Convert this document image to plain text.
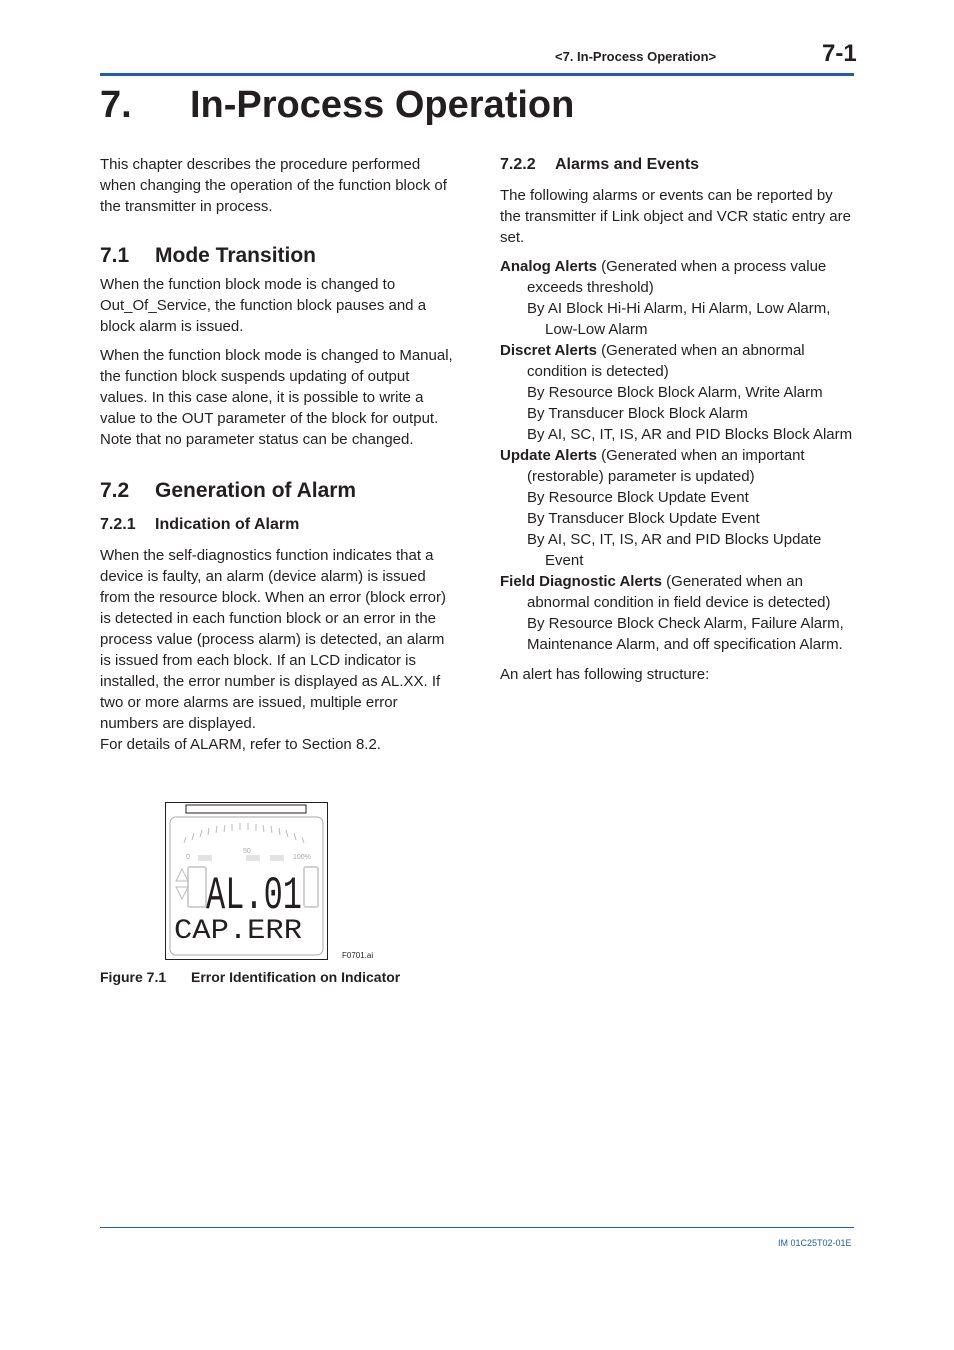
<7. In-Process Operation>	7-1
7. In-Process Operation

This chapter describes the procedure performed when changing the operation of the function block of the transmitter in process.

7.1 Mode Transition

When the function block mode is changed to Out_Of_Service, the function block pauses and a block alarm is issued.

When the function block mode is changed to Manual, the function block suspends updating of output values. In this case alone, it is possible to write a value to the OUT parameter of the block for output. Note that no parameter status can be changed.

7.2 Generation of Alarm
7.2.1 Indication of Alarm

When the self-diagnostics function indicates that a device is faulty, an alarm (device alarm) is issued from the resource block. When an error (block error) is detected in each function block or an error in the process value (process alarm) is detected, an alarm is issued from each block. If an LCD indicator is installed, the error number is displayed as AL.XX. If two or more alarms are issued, multiple error numbers are displayed.

For details of ALARM, refer to Section 8.2.

0
50
100%
AL.01
CAP.ERR
F0701.ai
Figure 7.1 Error Identification on Indicator
7.2.2 Alarms and Events

The following alarms or events can be reported by the transmitter if Link object and VCR static entry are set.

Analog Alerts (Generated when a process value exceeds threshold)

By AI Block Hi-Hi Alarm, Hi Alarm, Low Alarm, Low-Low Alarm

Discret Alerts (Generated when an abnormal condition is detected)

By Resource Block Block Alarm, Write Alarm

By Transducer Block Block Alarm

By AI, SC, IT, IS, AR and PID Blocks Block Alarm

Update Alerts (Generated when an important (restorable) parameter is updated)

By Resource Block Update Event

By Transducer Block Update Event

By AI, SC, IT, IS, AR and PID Blocks Update Event

Field Diagnostic Alerts (Generated when an abnormal condition in field device is detected)

By Resource Block Check Alarm, Failure Alarm, Maintenance Alarm, and off specification Alarm.

An alert has following structure:

IM 01C25T02-01E
